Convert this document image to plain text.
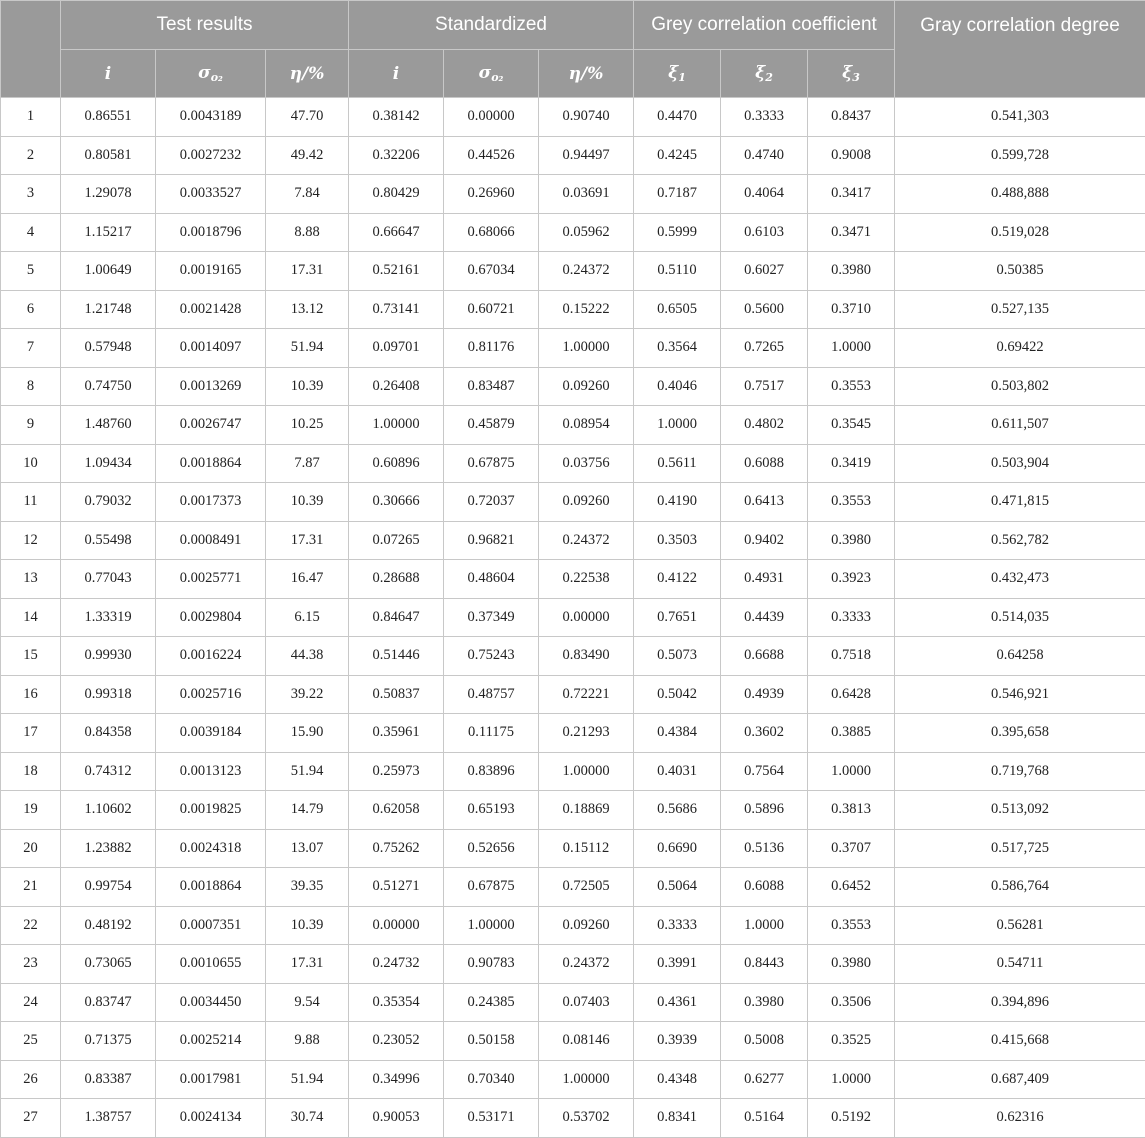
	Test results			Standardized			Grey correlation coefficient			Gray correlation degree
	i	σo₂	η/%	i	σo₂	η/%	ξ1	ξ2	ξ3	
1	0.86551	0.0043189	47.70	0.38142	0.00000	0.90740	0.4470	0.3333	0.8437	0.541,303
2	0.80581	0.0027232	49.42	0.32206	0.44526	0.94497	0.4245	0.4740	0.9008	0.599,728
3	1.29078	0.0033527	7.84	0.80429	0.26960	0.03691	0.7187	0.4064	0.3417	0.488,888
4	1.15217	0.0018796	8.88	0.66647	0.68066	0.05962	0.5999	0.6103	0.3471	0.519,028
5	1.00649	0.0019165	17.31	0.52161	0.67034	0.24372	0.5110	0.6027	0.3980	0.50385
6	1.21748	0.0021428	13.12	0.73141	0.60721	0.15222	0.6505	0.5600	0.3710	0.527,135
7	0.57948	0.0014097	51.94	0.09701	0.81176	1.00000	0.3564	0.7265	1.0000	0.69422
8	0.74750	0.0013269	10.39	0.26408	0.83487	0.09260	0.4046	0.7517	0.3553	0.503,802
9	1.48760	0.0026747	10.25	1.00000	0.45879	0.08954	1.0000	0.4802	0.3545	0.611,507
10	1.09434	0.0018864	7.87	0.60896	0.67875	0.03756	0.5611	0.6088	0.3419	0.503,904
11	0.79032	0.0017373	10.39	0.30666	0.72037	0.09260	0.4190	0.6413	0.3553	0.471,815
12	0.55498	0.0008491	17.31	0.07265	0.96821	0.24372	0.3503	0.9402	0.3980	0.562,782
13	0.77043	0.0025771	16.47	0.28688	0.48604	0.22538	0.4122	0.4931	0.3923	0.432,473
14	1.33319	0.0029804	6.15	0.84647	0.37349	0.00000	0.7651	0.4439	0.3333	0.514,035
15	0.99930	0.0016224	44.38	0.51446	0.75243	0.83490	0.5073	0.6688	0.7518	0.64258
16	0.99318	0.0025716	39.22	0.50837	0.48757	0.72221	0.5042	0.4939	0.6428	0.546,921
17	0.84358	0.0039184	15.90	0.35961	0.11175	0.21293	0.4384	0.3602	0.3885	0.395,658
18	0.74312	0.0013123	51.94	0.25973	0.83896	1.00000	0.4031	0.7564	1.0000	0.719,768
19	1.10602	0.0019825	14.79	0.62058	0.65193	0.18869	0.5686	0.5896	0.3813	0.513,092
20	1.23882	0.0024318	13.07	0.75262	0.52656	0.15112	0.6690	0.5136	0.3707	0.517,725
21	0.99754	0.0018864	39.35	0.51271	0.67875	0.72505	0.5064	0.6088	0.6452	0.586,764
22	0.48192	0.0007351	10.39	0.00000	1.00000	0.09260	0.3333	1.0000	0.3553	0.56281
23	0.73065	0.0010655	17.31	0.24732	0.90783	0.24372	0.3991	0.8443	0.3980	0.54711
24	0.83747	0.0034450	9.54	0.35354	0.24385	0.07403	0.4361	0.3980	0.3506	0.394,896
25	0.71375	0.0025214	9.88	0.23052	0.50158	0.08146	0.3939	0.5008	0.3525	0.415,668
26	0.83387	0.0017981	51.94	0.34996	0.70340	1.00000	0.4348	0.6277	1.0000	0.687,409
27	1.38757	0.0024134	30.74	0.90053	0.53171	0.53702	0.8341	0.5164	0.5192	0.62316
